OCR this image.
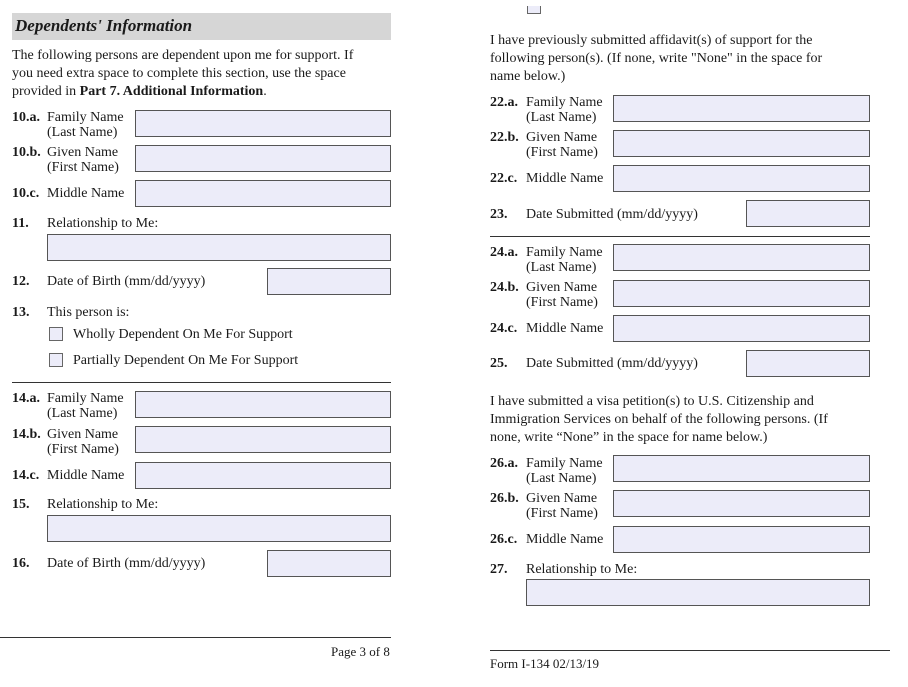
Dependents' Information
The following persons are dependent upon me for support. If
you need extra space to complete this section, use the space
provided in Part 7. Additional Information.
10.a. Family Name
(Last Name)
10.b. Given Name
(First Name)
10.c. Middle Name
11. Relationship to Me:
12. Date of Birth (mm/dd/yyyy)
13. This person is:
Wholly Dependent On Me For Support
Partially Dependent On Me For Support
14.a. Family Name
(Last Name)
14.b. Given Name
(First Name)
14.c. Middle Name
15. Relationship to Me:
16. Date of Birth (mm/dd/yyyy)
Page 3 of 8
I have previously submitted affidavit(s) of support for the
following person(s). (If none, write "None" in the space for
name below.)
22.a. Family Name
(Last Name)
22.b. Given Name
(First Name)
22.c. Middle Name
23. Date Submitted (mm/dd/yyyy)
24.a. Family Name
(Last Name)
24.b. Given Name
(First Name)
24.c. Middle Name
25. Date Submitted (mm/dd/yyyy)
I have submitted a visa petition(s) to U.S. Citizenship and
Immigration Services on behalf of the following persons. (If
none, write “None” in the space for name below.)
26.a. Family Name
(Last Name)
26.b. Given Name
(First Name)
26.c. Middle Name
27. Relationship to Me:
Form I-134 02/13/19
